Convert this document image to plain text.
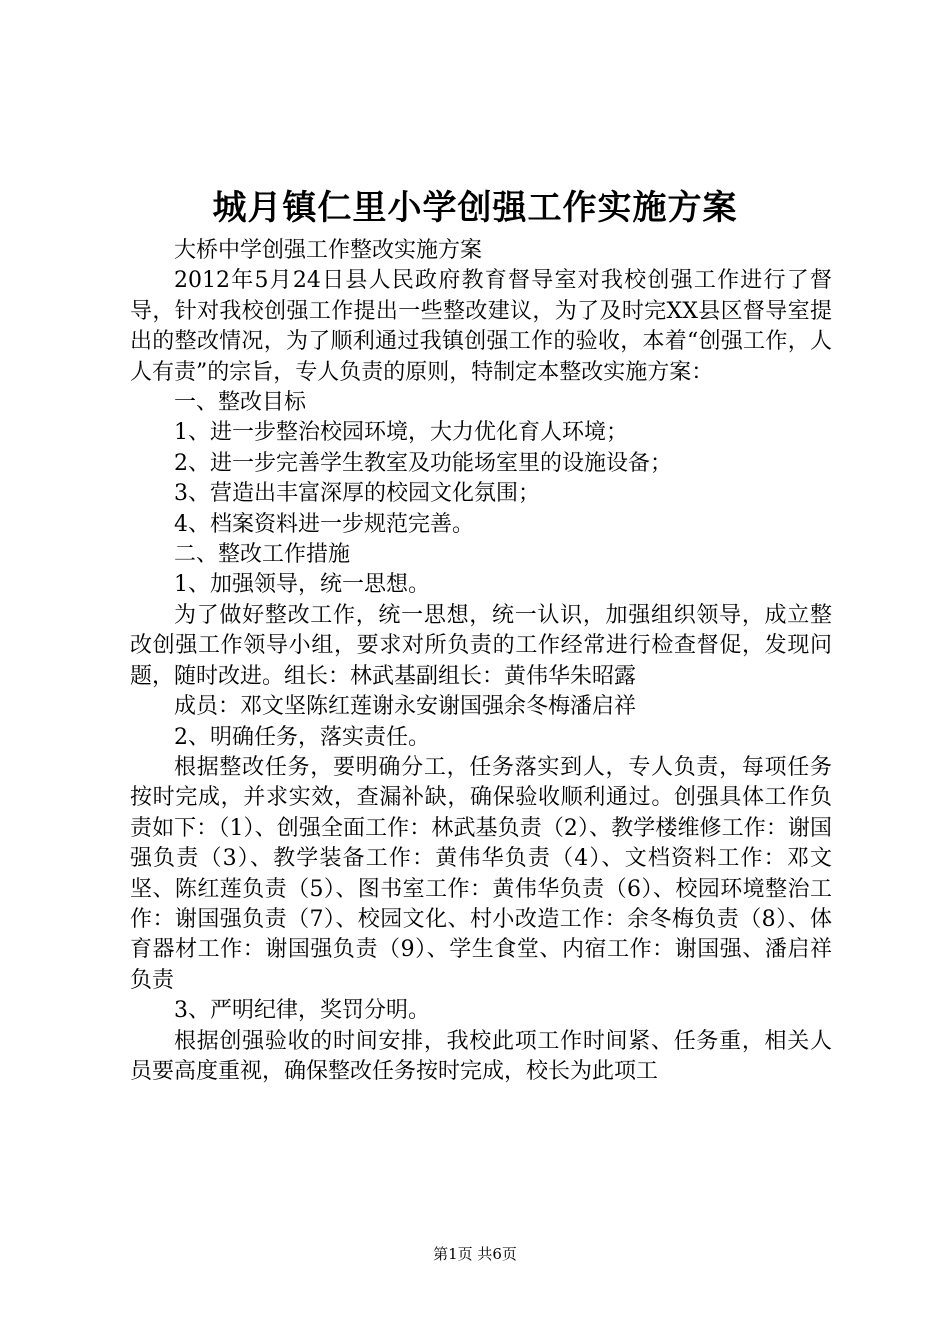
城月镇仁里小学创强工作实施方案

大桥中学创强工作整改实施方案

2012年5月24日县人民政府教育督导室对我校创强工作进行了督导，针对我校创强工作提出一些整改建议，为了及时完XX县区督导室提出的整改情况，为了顺利通过我镇创强工作的验收，本着“创强工作，人人有责”的宗旨，专人负责的原则，特制定本整改实施方案：

一、整改目标

1、进一步整治校园环境，大力优化育人环境；

2、进一步完善学生教室及功能场室里的设施设备；

3、营造出丰富深厚的校园文化氛围；

4、档案资料进一步规范完善。

二、整改工作措施

1、加强领导，统一思想。

为了做好整改工作，统一思想，统一认识，加强组织领导，成立整改创强工作领导小组，要求对所负责的工作经常进行检查督促，发现问题，随时改进。组长：林武基副组长：黄伟华朱昭露

成员：邓文坚陈红莲谢永安谢国强余冬梅潘启祥

2、明确任务，落实责任。

根据整改任务，要明确分工，任务落实到人，专人负责，每项任务按时完成，并求实效，查漏补缺，确保验收顺利通过。创强具体工作负责如下：（1）、创强全面工作：林武基负责（2）、教学楼维修工作：谢国强负责（3）、教学装备工作：黄伟华负责（4）、文档资料工作：邓文坚、陈红莲负责（5）、图书室工作：黄伟华负责（6）、校园环境整治工作：谢国强负责（7）、校园文化、村小改造工作：余冬梅负责（8）、体育器材工作：谢国强负责（9）、学生食堂、内宿工作：谢国强、潘启祥负责

3、严明纪律，奖罚分明。

根据创强验收的时间安排，我校此项工作时间紧、任务重，相关人员要高度重视，确保整改任务按时完成，校长为此项工

第1页 共6页
